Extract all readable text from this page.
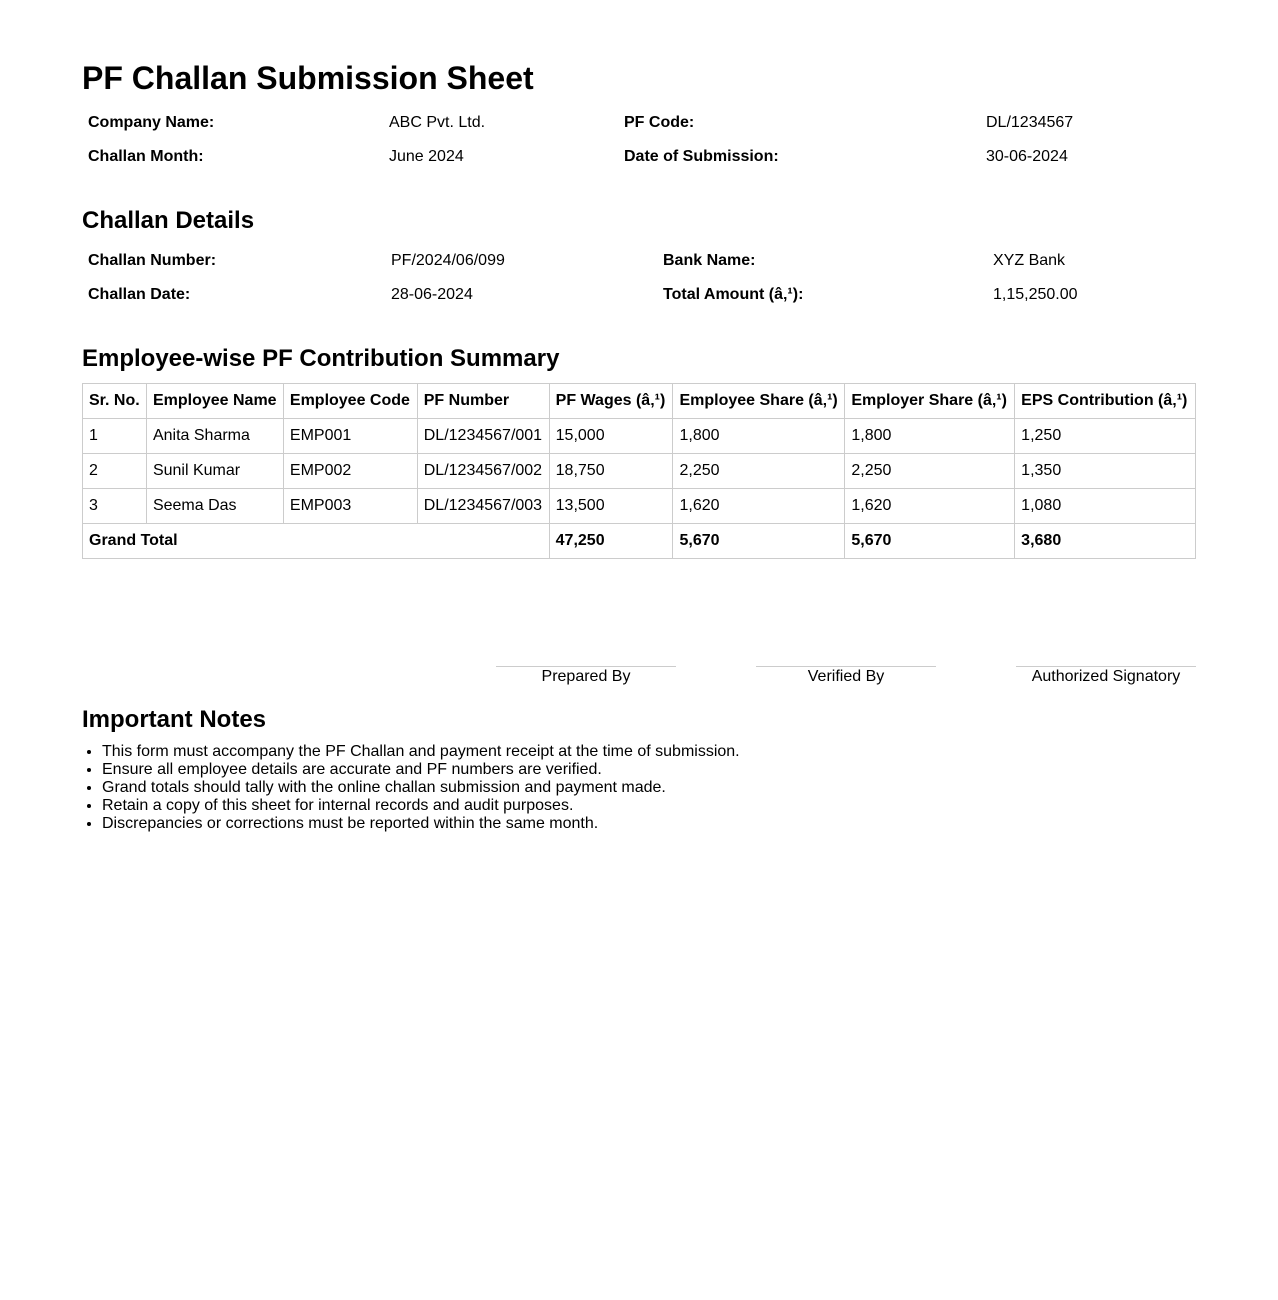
PF Challan Submission Sheet
Company Name:	ABC Pvt. Ltd.	PF Code:	DL/1234567
Challan Month:	June 2024	Date of Submission:	30-06-2024
Challan Details
Challan Number:	PF/2024/06/099	Bank Name:	XYZ Bank
Challan Date:	28-06-2024	Total Amount (â‚¹):	1,15,250.00
Employee-wise PF Contribution Summary
Sr. No.	Employee Name	Employee Code	PF Number	PF Wages (â‚¹)	Employee Share (â‚¹)	Employer Share (â‚¹)	EPS Contribution (â‚¹)
1	Anita Sharma	EMP001	DL/1234567/001	15,000	1,800	1,800	1,250
2	Sunil Kumar	EMP002	DL/1234567/002	18,750	2,250	2,250	1,350
3	Seema Das	EMP003	DL/1234567/003	13,500	1,620	1,620	1,080
Grand Total				47,250	5,670	5,670	3,680
Prepared By	Verified By	Authorized Signatory
Important Notes
• This form must accompany the PF Challan and payment receipt at the time of submission.
• Ensure all employee details are accurate and PF numbers are verified.
• Grand totals should tally with the online challan submission and payment made.
• Retain a copy of this sheet for internal records and audit purposes.
• Discrepancies or corrections must be reported within the same month.
